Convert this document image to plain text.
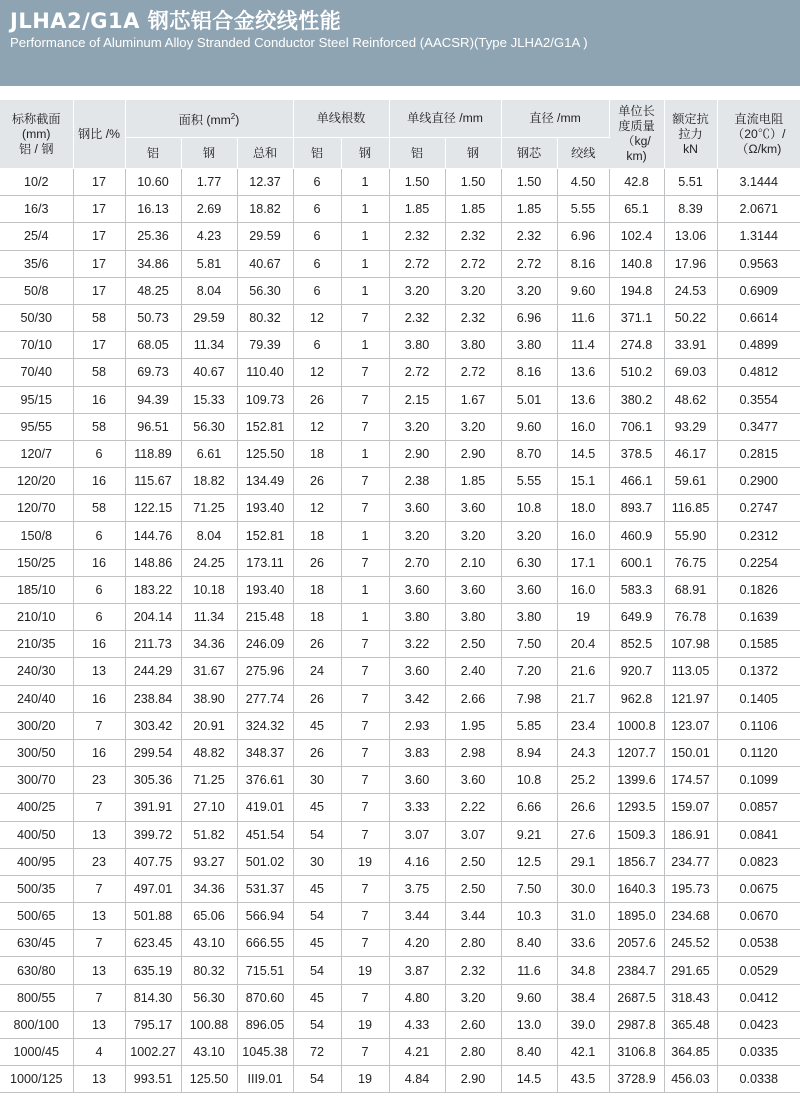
JLHA2/G1A 钢芯铝合金绞线性能
Performance of Aluminum Alloy Stranded Conductor Steel Reinforced (AACSR)(Type JLHA2/G1A )
标称截面
(mm)
铝 / 钢	钢比 /%	面积 $(mm^2)$			单线根数		单线直径 /mm		直径 /mm		单位长
度质量
（kg/
km)	额定抗
拉力
kN	直流电阻
（20℃）/
（Ω/km)
		铝	钢	总和	铝	钢	铝	钢	钢芯	绞线			
10/2	17	10.60	1.77	12.37	6	1	1.50	1.50	1.50	4.50	42.8	5.51	3.1444
16/3	17	16.13	2.69	18.82	6	1	1.85	1.85	1.85	5.55	65.1	8.39	2.0671
25/4	17	25.36	4.23	29.59	6	1	2.32	2.32	2.32	6.96	102.4	13.06	1.3144
35/6	17	34.86	5.81	40.67	6	1	2.72	2.72	2.72	8.16	140.8	17.96	0.9563
50/8	17	48.25	8.04	56.30	6	1	3.20	3.20	3.20	9.60	194.8	24.53	0.6909
50/30	58	50.73	29.59	80.32	12	7	2.32	2.32	6.96	11.6	371.1	50.22	0.6614
70/10	17	68.05	11.34	79.39	6	1	3.80	3.80	3.80	11.4	274.8	33.91	0.4899
70/40	58	69.73	40.67	110.40	12	7	2.72	2.72	8.16	13.6	510.2	69.03	0.4812
95/15	16	94.39	15.33	109.73	26	7	2.15	1.67	5.01	13.6	380.2	48.62	0.3554
95/55	58	96.51	56.30	152.81	12	7	3.20	3.20	9.60	16.0	706.1	93.29	0.3477
120/7	6	118.89	6.61	125.50	18	1	2.90	2.90	8.70	14.5	378.5	46.17	0.2815
120/20	16	115.67	18.82	134.49	26	7	2.38	1.85	5.55	15.1	466.1	59.61	0.2900
120/70	58	122.15	71.25	193.40	12	7	3.60	3.60	10.8	18.0	893.7	116.85	0.2747
150/8	6	144.76	8.04	152.81	18	1	3.20	3.20	3.20	16.0	460.9	55.90	0.2312
150/25	16	148.86	24.25	173.11	26	7	2.70	2.10	6.30	17.1	600.1	76.75	0.2254
185/10	6	183.22	10.18	193.40	18	1	3.60	3.60	3.60	16.0	583.3	68.91	0.1826
210/10	6	204.14	11.34	215.48	18	1	3.80	3.80	3.80	19	649.9	76.78	0.1639
210/35	16	211.73	34.36	246.09	26	7	3.22	2.50	7.50	20.4	852.5	107.98	0.1585
240/30	13	244.29	31.67	275.96	24	7	3.60	2.40	7.20	21.6	920.7	113.05	0.1372
240/40	16	238.84	38.90	277.74	26	7	3.42	2.66	7.98	21.7	962.8	121.97	0.1405
300/20	7	303.42	20.91	324.32	45	7	2.93	1.95	5.85	23.4	1000.8	123.07	0.1106
300/50	16	299.54	48.82	348.37	26	7	3.83	2.98	8.94	24.3	1207.7	150.01	0.1120
300/70	23	305.36	71.25	376.61	30	7	3.60	3.60	10.8	25.2	1399.6	174.57	0.1099
400/25	7	391.91	27.10	419.01	45	7	3.33	2.22	6.66	26.6	1293.5	159.07	0.0857
400/50	13	399.72	51.82	451.54	54	7	3.07	3.07	9.21	27.6	1509.3	186.91	0.0841
400/95	23	407.75	93.27	501.02	30	19	4.16	2.50	12.5	29.1	1856.7	234.77	0.0823
500/35	7	497.01	34.36	531.37	45	7	3.75	2.50	7.50	30.0	1640.3	195.73	0.0675
500/65	13	501.88	65.06	566.94	54	7	3.44	3.44	10.3	31.0	1895.0	234.68	0.0670
630/45	7	623.45	43.10	666.55	45	7	4.20	2.80	8.40	33.6	2057.6	245.52	0.0538
630/80	13	635.19	80.32	715.51	54	19	3.87	2.32	11.6	34.8	2384.7	291.65	0.0529
800/55	7	814.30	56.30	870.60	45	7	4.80	3.20	9.60	38.4	2687.5	318.43	0.0412
800/100	13	795.17	100.88	896.05	54	19	4.33	2.60	13.0	39.0	2987.8	365.48	0.0423
1000/45	4	1002.27	43.10	1045.38	72	7	4.21	2.80	8.40	42.1	3106.8	364.85	0.0335
1000/125	13	993.51	125.50	III9.01	54	19	4.84	2.90	14.5	43.5	3728.9	456.03	0.0338
